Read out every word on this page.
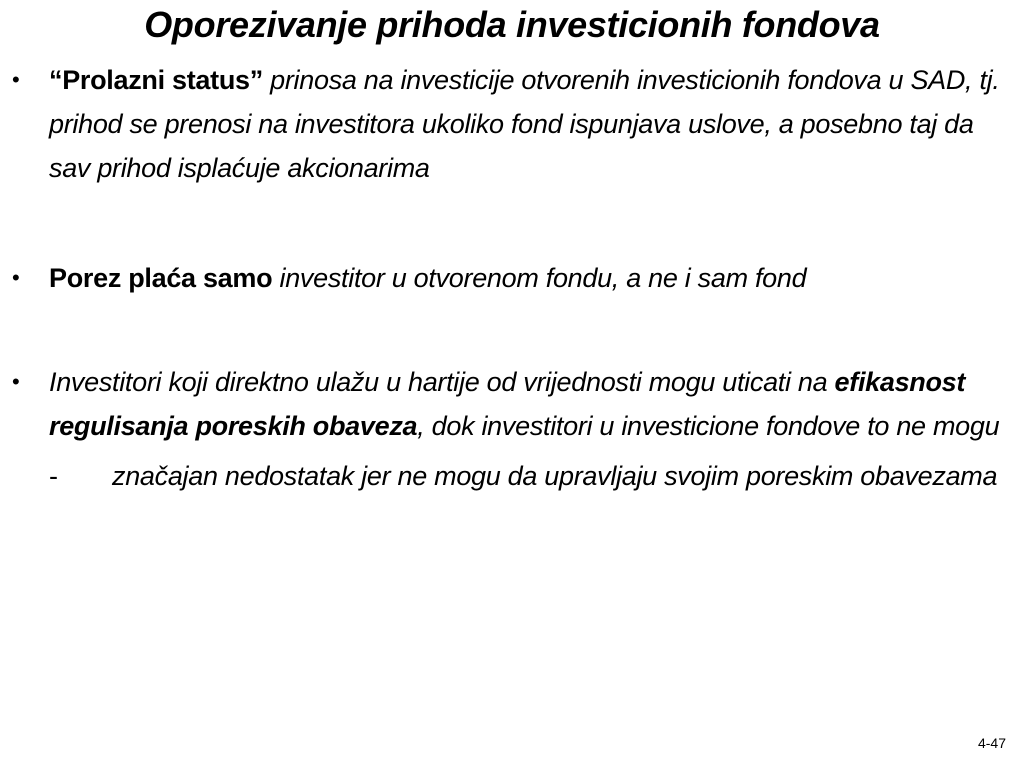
Oporezivanje prihoda investicionih fondova
• “Prolazni status” prinosa na investicije otvorenih investicionih fondova u SAD, tj. prihod se prenosi na investitora ukoliko fond ispunjava uslove, a posebno taj da sav prihod isplaćuje akcionarima
• Porez plaća samo investitor u otvorenom fondu, a ne i sam fond
• Investitori koji direktno ulažu u hartije od vrijednosti mogu uticati na efikasnost regulisanja poreskih obaveza, dok investitori u investicione fondove to ne mogu
- značajan nedostatak jer ne mogu da upravljaju svojim poreskim obavezama
4-47
